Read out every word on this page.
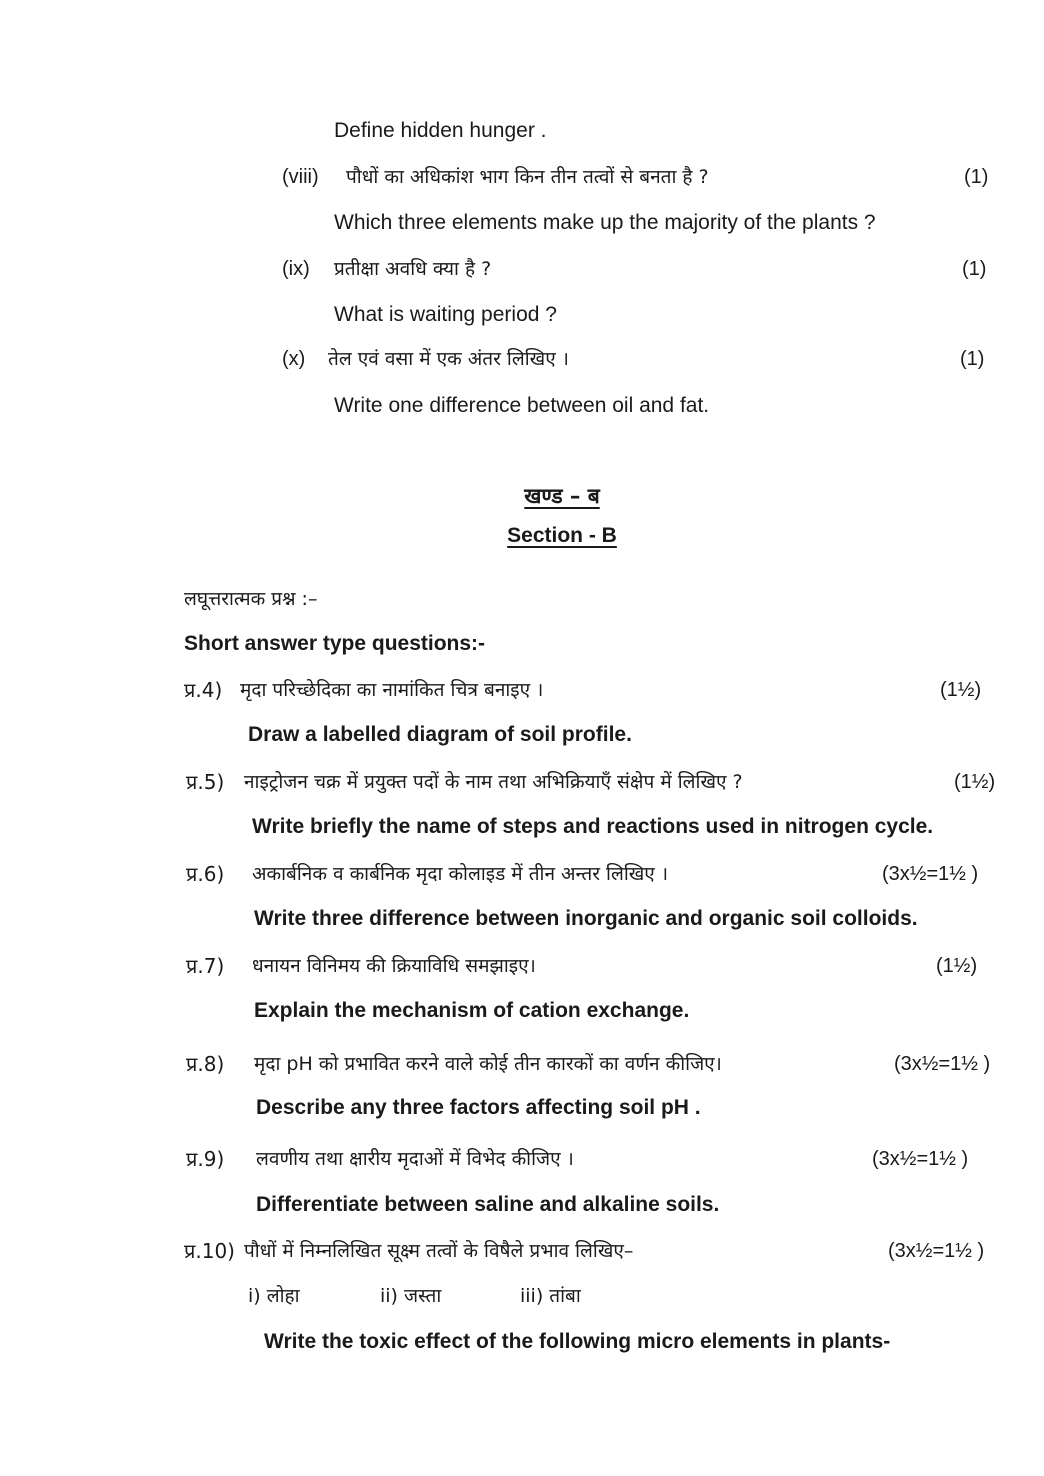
Define hidden hunger .
(viii) पौधों का अधिकांश भाग किन तीन तत्वों से बनता है ?	(1)
Which three elements make up the majority of the plants ?
(ix) प्रतीक्षा अवधि क्या है ?	(1)
What is waiting period ?
(x) तेल एवं वसा में एक अंतर लिखिए ।	(1)
Write one difference between oil and fat.
खण्ड – ब
Section - B
लघूत्तरात्मक प्रश्न :–
Short answer type questions:-
प्र.4) मृदा परिच्छेदिका का नामांकित चित्र बनाइए ।	(1½)
Draw a labelled diagram of soil profile.
प्र.5) नाइट्रोजन चक्र में प्रयुक्त पदों के नाम तथा अभिक्रियाएँ संक्षेप में लिखिए ?	(1½)
Write briefly the name of steps and reactions used in nitrogen cycle.
प्र.6) अकार्बनिक व कार्बनिक मृदा कोलाइड में तीन अन्तर लिखिए ।	(3x½=1½ )
Write three difference between inorganic and organic soil colloids.
प्र.7) धनायन विनिमय की क्रियाविधि समझाइए।	(1½)
Explain the mechanism of cation exchange.
प्र.8) मृदा pH को प्रभावित करने वाले कोई तीन कारकों का वर्णन कीजिए।	(3x½=1½ )
Describe any three factors affecting soil pH .
प्र.9) लवणीय तथा क्षारीय मृदाओं में विभेद कीजिए ।	(3x½=1½ )
Differentiate between saline and alkaline soils.
प्र.10) पौधों में निम्नलिखित सूक्ष्म तत्वों के विषैले प्रभाव लिखिए–	(3x½=1½ )
i) लोहा	ii) जस्ता	iii) तांबा
Write the toxic effect of the following micro elements in plants-
